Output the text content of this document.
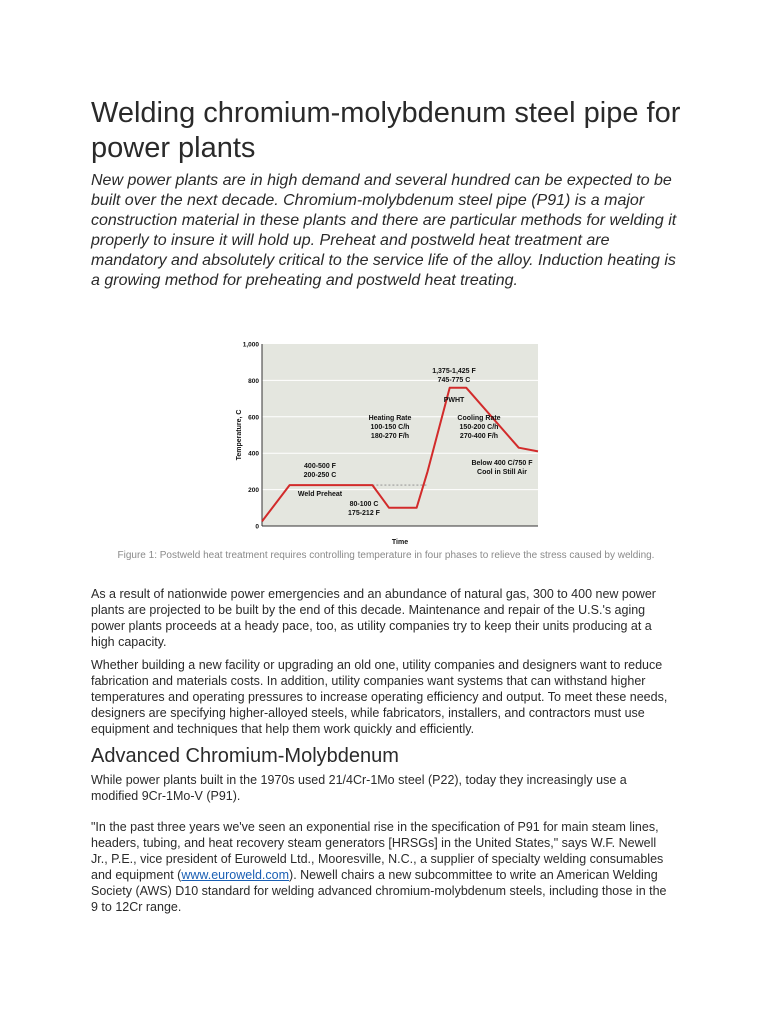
Welding chromium-molybdenum steel pipe for power plants

New power plants are in high demand and several hundred can be expected to be built over the next decade. Chromium-molybdenum steel pipe (P91) is a major construction material in these plants and there are particular methods for welding it properly to insure it will hold up. Preheat and postweld heat treatment are mandatory and absolutely critical to the service life of the alloy. Induction heating is a growing method for preheating and postweld heat treating.

0
200
400
600
800
1,000
Time
Temperature, C
400-500 F
200-250 C
Weld Preheat
80-100 C
175-212 F
Heating Rate
100-150 C/h
180-270 F/h
1,375-1,425 F
745-775 C
PWHT
Cooling Rate
150-200 C/h
270-400 F/h
Below 400 C/750 F
Cool in Still Air

Figure 1: Postweld heat treatment requires controlling temperature in four phases to relieve the stress caused by welding.

As a result of nationwide power emergencies and an abundance of natural gas, 300 to 400 new power plants are projected to be built by the end of this decade. Maintenance and repair of the U.S.'s aging power plants proceeds at a heady pace, too, as utility companies try to keep their units producing at a high capacity.

Whether building a new facility or upgrading an old one, utility companies and designers want to reduce fabrication and materials costs. In addition, utility companies want systems that can withstand higher temperatures and operating pressures to increase operating efficiency and output. To meet these needs, designers are specifying higher-alloyed steels, while fabricators, installers, and contractors must use equipment and techniques that help them work quickly and efficiently.

Advanced Chromium-Molybdenum

While power plants built in the 1970s used 21/4Cr-1Mo steel (P22), today they increasingly use a modified 9Cr-1Mo-V (P91).

"In the past three years we've seen an exponential rise in the specification of P91 for main steam lines, headers, tubing, and heat recovery steam generators [HRSGs] in the United States," says W.F. Newell Jr., P.E., vice president of Euroweld Ltd., Mooresville, N.C., a supplier of specialty welding consumables and equipment (www.euroweld.com). Newell chairs a new subcommittee to write an American Welding Society (AWS) D10 standard for welding advanced chromium-molybdenum steels, including those in the 9 to 12Cr range.
